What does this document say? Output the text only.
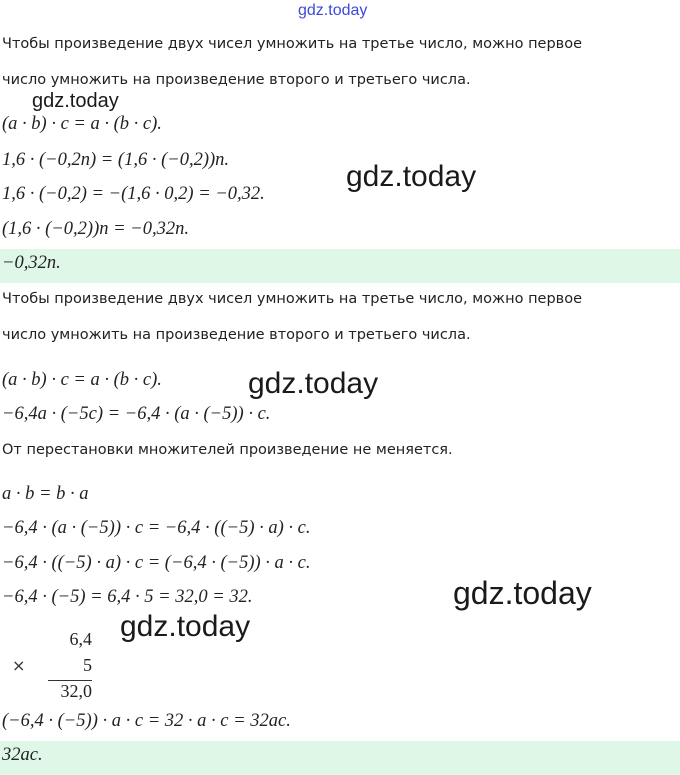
gdz.today
Чтобы произведение двух чисел умножить на третье число, можно первое
число умножить на произведение второго и третьего числа.
gdz.today
(a · b) · c = a · (b · c).
1,6 · (−0,2n) = (1,6 · (−0,2))n.
1,6 · (−0,2) = −(1,6 · 0,2) = −0,32.
gdz.today
(1,6 · (−0,2))n = −0,32n.
−0,32n.
Чтобы произведение двух чисел умножить на третье число, можно первое
число умножить на произведение второго и третьего числа.
(a · b) · c = a · (b · c).	gdz.today
−6,4a · (−5c) = −6,4 · (a · (−5)) · c.
От перестановки множителей произведение не меняется.
a · b = b · a
−6,4 · (a · (−5)) · c = −6,4 · ((−5) · a) · c.
−6,4 · ((−5) · a) · c = (−6,4 · (−5)) · a · c.
−6,4 · (−5) = 6,4 · 5 = 32,0 = 32.	gdz.today
gdz.today
6,4
×	5
32,0
(−6,4 · (−5)) · a · c = 32 · a · c = 32ac.
32ac.
